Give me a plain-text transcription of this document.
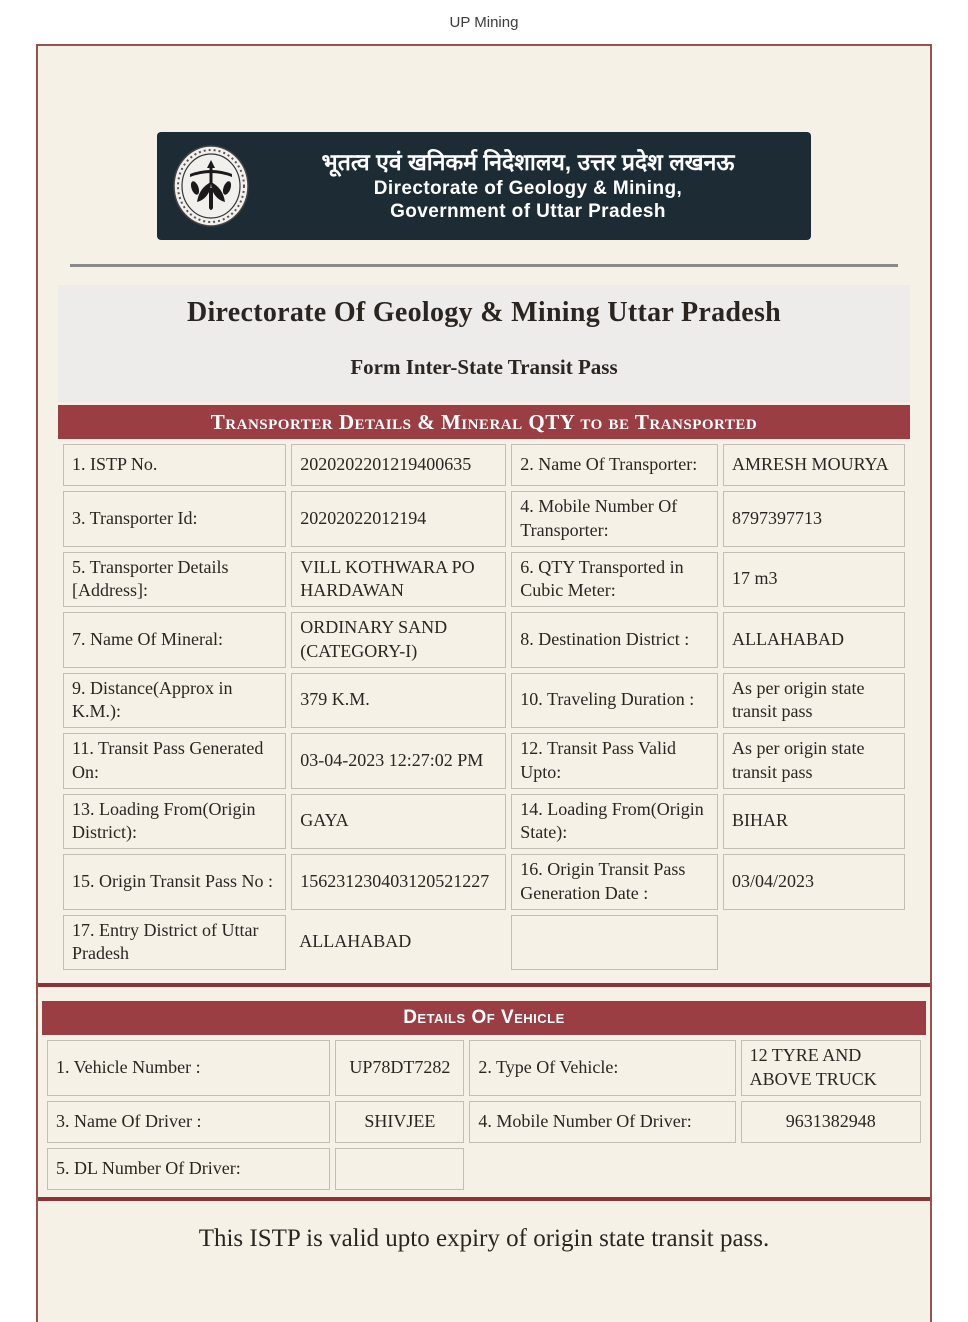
UP Mining
भूतत्व एवं खनिकर्म निदेशालय, उत्तर प्रदेश लखनऊ
Directorate of Geology & Mining,
Government of Uttar Pradesh
Directorate Of Geology & Mining Uttar Pradesh
Form Inter-State Transit Pass
Transporter Details & Mineral QTY to be Transported
1. ISTP No.	2020202201219400635	2. Name Of Transporter:	AMRESH MOURYA
3. Transporter Id:	20202022012194	4. Mobile Number Of Transporter:	8797397713
5. Transporter Details [Address]:	VILL KOTHWARA PO HARDAWAN	6. QTY Transported in Cubic Meter:	17 m3
7. Name Of Mineral:	ORDINARY SAND (CATEGORY-I)	8. Destination District :	ALLAHABAD
9. Distance(Approx in K.M.):	379 K.M.	10. Traveling Duration :	As per origin state transit pass
11. Transit Pass Generated On:	03-04-2023 12:27:02 PM	12. Transit Pass Valid Upto:	As per origin state transit pass
13. Loading From(Origin District):	GAYA	14. Loading From(Origin State):	BIHAR
15. Origin Transit Pass No :	156231230403120521227	16. Origin Transit Pass Generation Date :	03/04/2023
17. Entry District of Uttar Pradesh	ALLAHABAD		
Details Of Vehicle
1. Vehicle Number :	UP78DT7282	2. Type Of Vehicle:	12 TYRE AND ABOVE TRUCK
3. Name Of Driver :	SHIVJEE	4. Mobile Number Of Driver:	9631382948
5. DL Number Of Driver:			
This ISTP is valid upto expiry of origin state transit pass.
